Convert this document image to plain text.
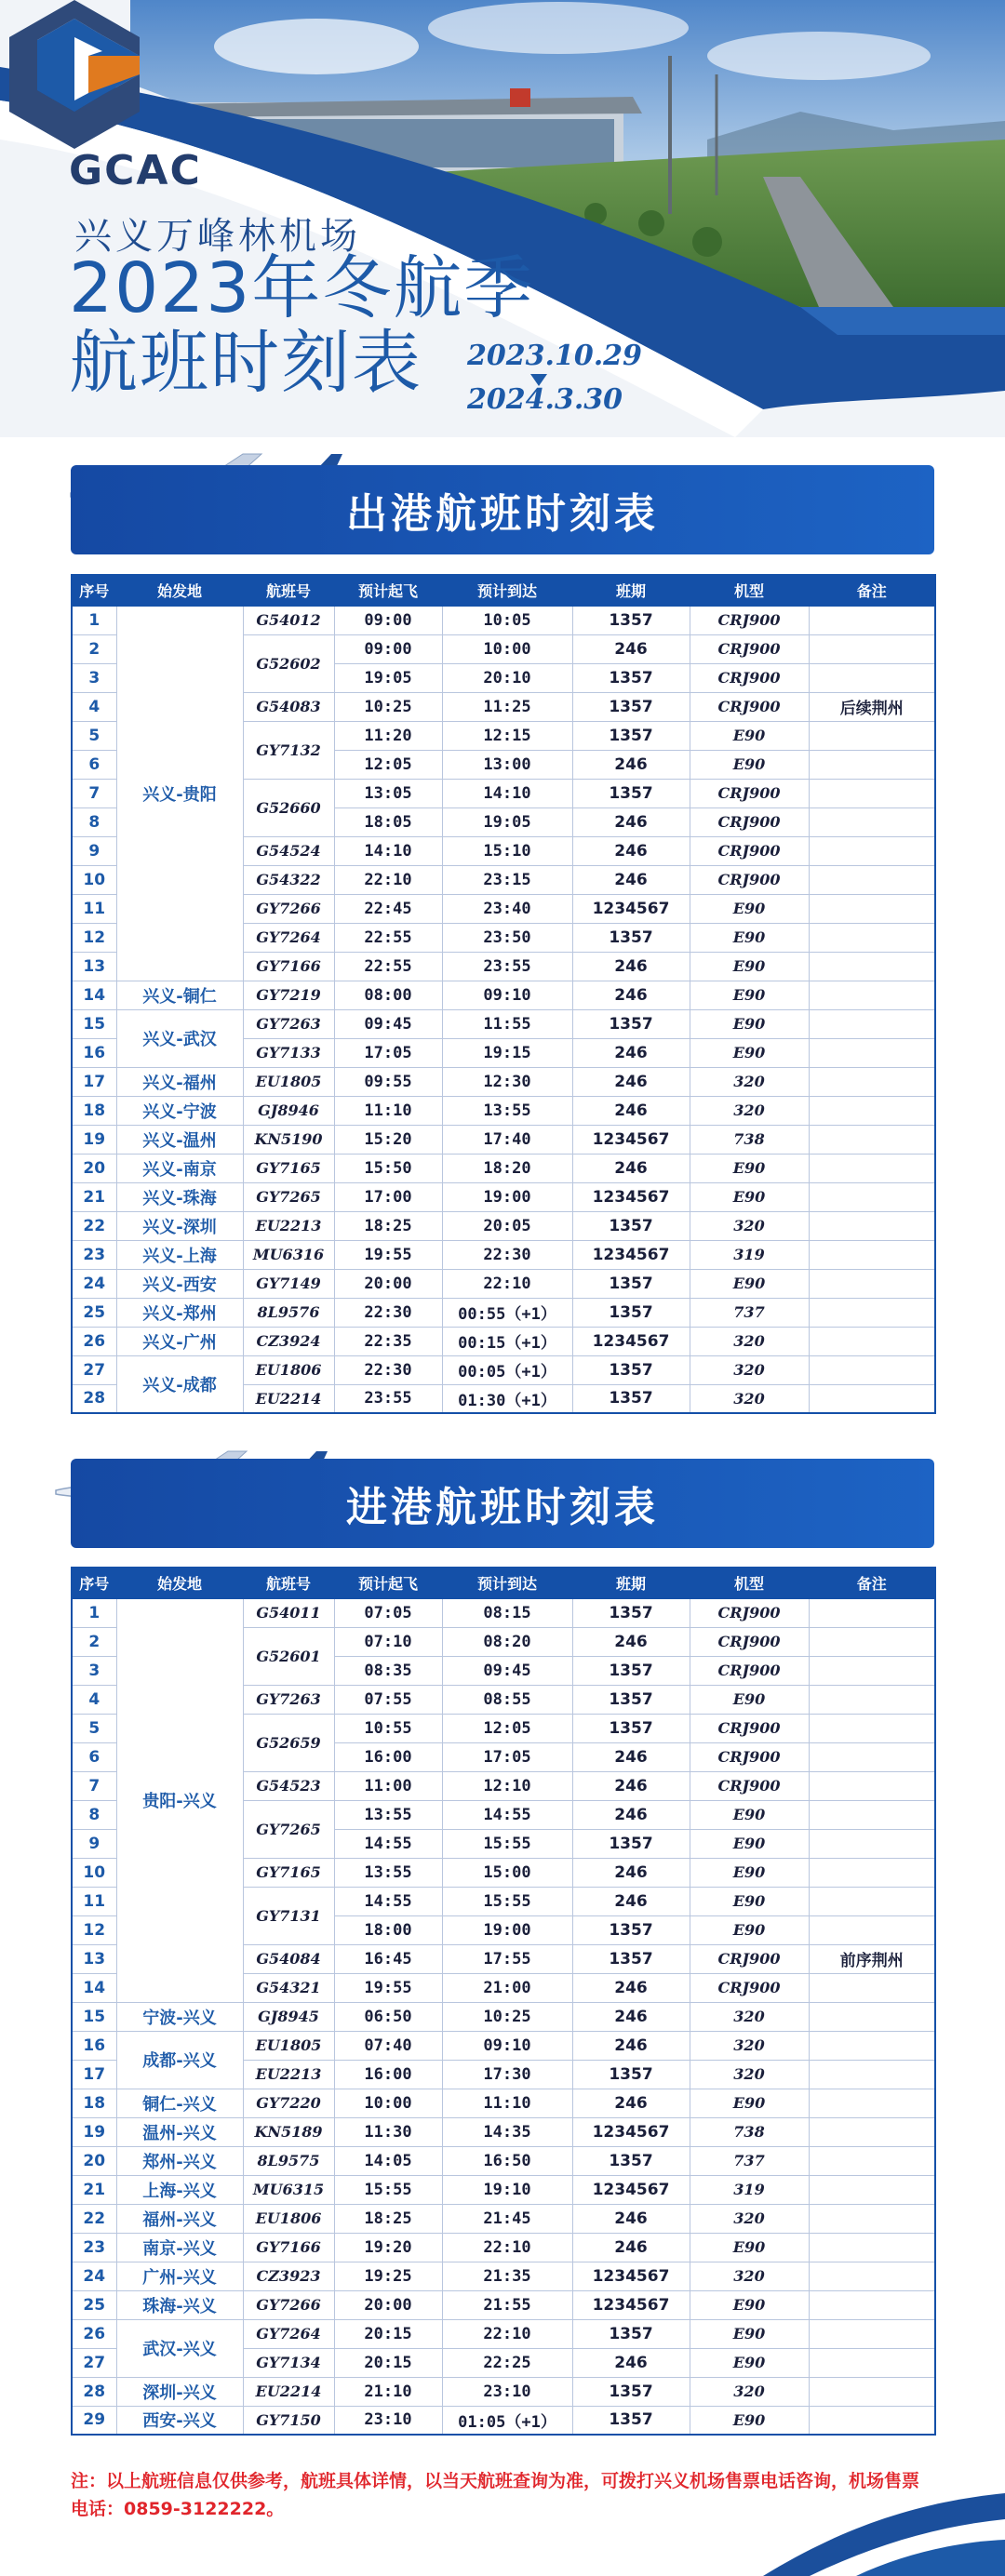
GCAC
兴义万峰林机场
2023年冬航季
航班时刻表 2023.10.29
2024.3.30
出港航班时刻表
序号	始发地	航班号	预计起飞	预计到达	班期	机型	备注
1	兴义-贵阳	G54012	09:00	10:05	1357	CRJ900	
2		G52602	09:00	10:00	246	CRJ900	
3			19:05	20:10	1357	CRJ900	
4		G54083	10:25	11:25	1357	CRJ900	后续荆州
5		GY7132	11:20	12:15	1357	E90	
6			12:05	13:00	246	E90	
7		G52660	13:05	14:10	1357	CRJ900	
8			18:05	19:05	246	CRJ900	
9		G54524	14:10	15:10	246	CRJ900	
10		G54322	22:10	23:15	246	CRJ900	
11		GY7266	22:45	23:40	1234567	E90	
12		GY7264	22:55	23:50	1357	E90	
13		GY7166	22:55	23:55	246	E90	
14	兴义-铜仁	GY7219	08:00	09:10	246	E90	
15	兴义-武汉	GY7263	09:45	11:55	1357	E90	
16		GY7133	17:05	19:15	246	E90	
17	兴义-福州	EU1805	09:55	12:30	246	320	
18	兴义-宁波	GJ8946	11:10	13:55	246	320	
19	兴义-温州	KN5190	15:20	17:40	1234567	738	
20	兴义-南京	GY7165	15:50	18:20	246	E90	
21	兴义-珠海	GY7265	17:00	19:00	1234567	E90	
22	兴义-深圳	EU2213	18:25	20:05	1357	320	
23	兴义-上海	MU6316	19:55	22:30	1234567	319	
24	兴义-西安	GY7149	20:00	22:10	1357	E90	
25	兴义-郑州	8L9576	22:30	00:55（+1）	1357	737	
26	兴义-广州	CZ3924	22:35	00:15（+1）	1234567	320	
27	兴义-成都	EU1806	22:30	00:05（+1）	1357	320	
28		EU2214	23:55	01:30（+1）	1357	320	
进港航班时刻表
序号	始发地	航班号	预计起飞	预计到达	班期	机型	备注
1	贵阳-兴义	G54011	07:05	08:15	1357	CRJ900	
2		G52601	07:10	08:20	246	CRJ900	
3			08:35	09:45	1357	CRJ900	
4		GY7263	07:55	08:55	1357	E90	
5		G52659	10:55	12:05	1357	CRJ900	
6			16:00	17:05	246	CRJ900	
7		G54523	11:00	12:10	246	CRJ900	
8		GY7265	13:55	14:55	246	E90	
9			14:55	15:55	1357	E90	
10		GY7165	13:55	15:00	246	E90	
11		GY7131	14:55	15:55	246	E90	
12			18:00	19:00	1357	E90	
13		G54084	16:45	17:55	1357	CRJ900	前序荆州
14		G54321	19:55	21:00	246	CRJ900	
15	宁波-兴义	GJ8945	06:50	10:25	246	320	
16	成都-兴义	EU1805	07:40	09:10	246	320	
17		EU2213	16:00	17:30	1357	320	
18	铜仁-兴义	GY7220	10:00	11:10	246	E90	
19	温州-兴义	KN5189	11:30	14:35	1234567	738	
20	郑州-兴义	8L9575	14:05	16:50	1357	737	
21	上海-兴义	MU6315	15:55	19:10	1234567	319	
22	福州-兴义	EU1806	18:25	21:45	246	320	
23	南京-兴义	GY7166	19:20	22:10	246	E90	
24	广州-兴义	CZ3923	19:25	21:35	1234567	320	
25	珠海-兴义	GY7266	20:00	21:55	1234567	E90	
26	武汉-兴义	GY7264	20:15	22:10	1357	E90	
27		GY7134	20:15	22:25	246	E90	
28	深圳-兴义	EU2214	21:10	23:10	1357	320	
29	西安-兴义	GY7150	23:10	01:05（+1）	1357	E90	
注：以上航班信息仅供参考，航班具体详情，以当天航班查询为准，可拨打兴义机场售票电话咨询，机场售票电话：0859-3122222。
